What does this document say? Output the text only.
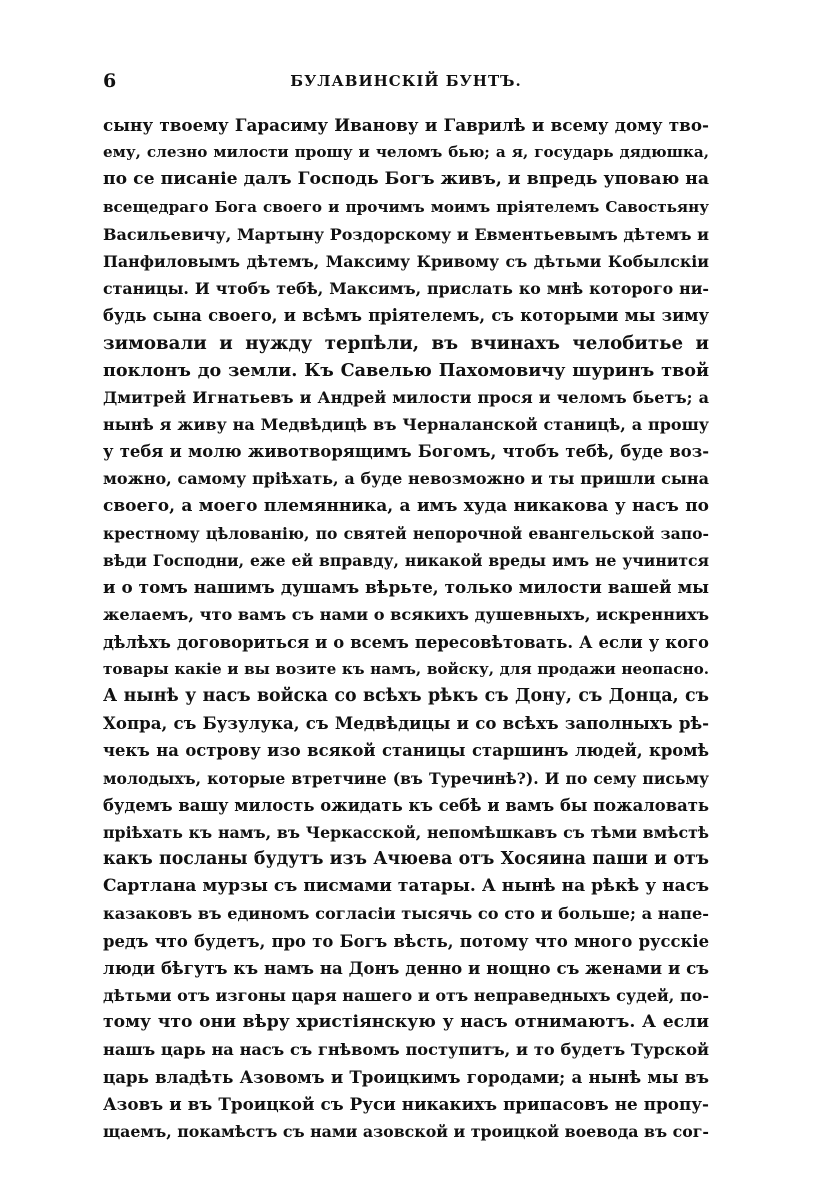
6	БУЛАВИНСКІЙ БУНТЪ.
сыну твоему Гарасиму Иванову и Гаврилѣ и всему дому тво-
ему, слезно милости прошу и челомъ бью; а я, государь дядюшка,
по се писаніе далъ Господь Богъ живъ, и впредь уповаю на
всещедраго Бога своего и прочимъ моимъ пріятелемъ Савостьяну
Васильевичу, Мартыну Роздорскому и Евментьевымъ дѣтемъ и
Панфиловымъ дѣтемъ, Максиму Кривому съ дѣтьми Кобылскіи
станицы. И чтобъ тебѣ, Максимъ, прислать ко мнѣ которого ни-
будь сына своего, и всѣмъ пріятелемъ, съ которыми мы зиму
зимовали и нужду терпѣли, въ вчинахъ челобитье и
поклонъ до земли. Къ Савелью Пахомовичу шуринъ твой
Дмитрей Игнатьевъ и Андрей милости прося и челомъ бьетъ; а
нынѣ я живу на Медвѣдицѣ въ Черналанской станицѣ, а прошу
у тебя и молю животворящимъ Богомъ, чтобъ тебѣ, буде воз-
можно, самому пріѣхать, а буде невозможно и ты пришли сына
своего, а моего племянника, а имъ худа никакова у насъ по
крестному цѣлованію, по святей непорочной евангельской запо-
вѣди Господни, еже ей вправду, никакой вреды имъ не учинится
и о томъ нашимъ душамъ вѣрьте, только милости вашей мы
желаемъ, что вамъ съ нами о всякихъ душевныхъ, искреннихъ
дѣлѣхъ договориться и о всемъ пересовѣтовать. А если у кого
товары какіе и вы возите къ намъ, войску, для продажи неопасно.
А нынѣ у насъ войска со всѣхъ рѣкъ съ Дону, съ Донца, съ
Хопра, съ Бузулука, съ Медвѣдицы и со всѣхъ заполныхъ рѣ-
чекъ на острову изо всякой станицы старшинъ людей, кромѣ
молодыхъ, которые втретчине (въ Туречинѣ?). И по сему письму
будемъ вашу милость ожидать къ себѣ и вамъ бы пожаловать
пріѣхать къ намъ, въ Черкасской, непомѣшкавъ съ тѣми вмѣстѣ
какъ посланы будутъ изъ Ачюева отъ Хосяина паши и отъ
Сартлана мурзы съ писмами татары. А нынѣ на рѣкѣ у насъ
казаковъ въ единомъ согласіи тысячь со сто и больше; а напе-
редъ что будетъ, про то Богъ вѣсть, потому что много русскіе
люди бѣгутъ къ намъ на Донъ денно и нощно съ женами и съ
дѣтьми отъ изгоны царя нашего и отъ неправедныхъ судей, по-
тому что они вѣру христіянскую у насъ отнимаютъ. А если
нашъ царь на насъ съ гнѣвомъ поступитъ, и то будетъ Турской
царь владѣть Азовомъ и Троицкимъ городами; а нынѣ мы въ
Азовъ и въ Троицкой съ Руси никакихъ припасовъ не пропу-
щаемъ, покамѣстъ съ нами азовской и троицкой воевода въ сог-
